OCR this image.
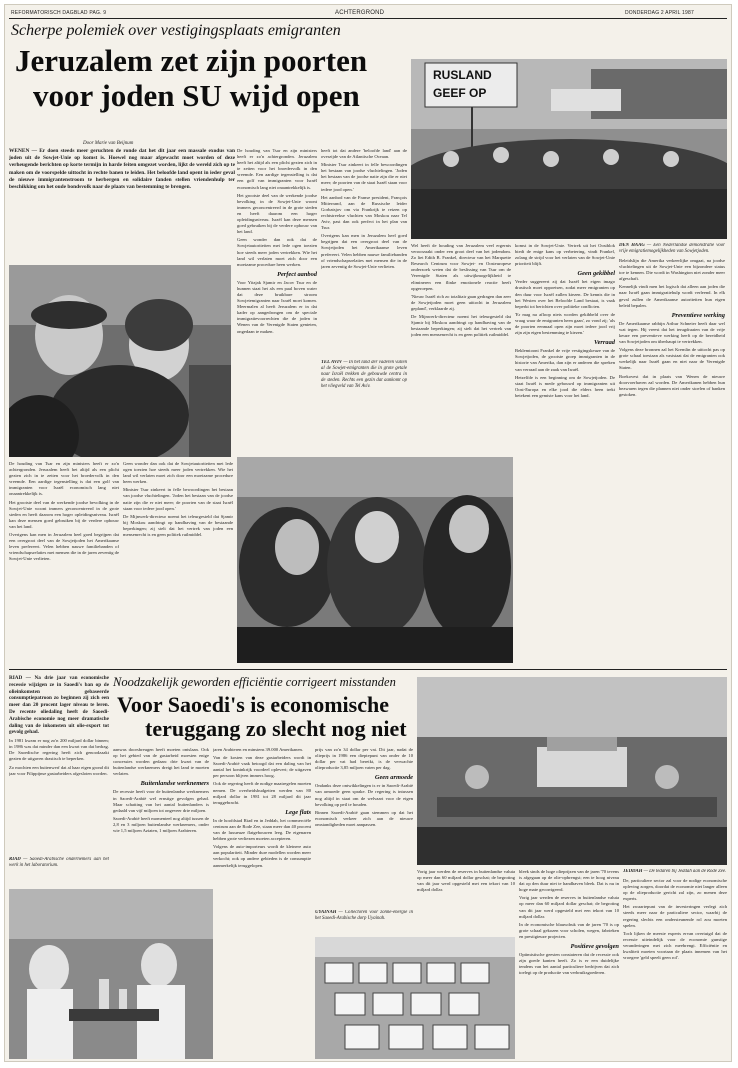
REFORMATORISCH DAGBLAD PAG. 9	ACHTERGROND	DONDERDAG 2 APRIL 1987
Scherpe polemiek over vestigingsplaats emigranten
Jeruzalem zet zijn poorten
voor joden SU wijd open
Door Marie van Beijnum

WENEN — Er doen steeds meer geruchten de ronde dat het dit jaar een massale exodus van joden uit de Sowjet-Unie op komst is. Hoewel nog maar afgewacht moet worden of deze verheugende berichten op korte termijn in harde feiten omgezet worden, lijkt de wereld zich op te maken om de voorspelde uittocht in rechte banen te leiden. Het beloofde land opent in ieder geval de nieuwe immigrantenstroom te herbergen en solidaire fanden stellen vriendenhulp ter beschikking om het oude bondsvolk naar de plaats van bestemming te brengen.

De houding van Tsar en zijn ministers heeft er zo'n achtergronden. Jeruzalem heeft het altijd als een plicht gezien zich in te zetten voor het broedervolk in den vreemde. Een aardige tegenstelling is dat een golf van immigranten voor Israël economisch lang niet onaantrekkelijk is.

Het grootste deel van de werkende joodse bevolking in de Sowjet-Unie woont immers geconcentreerd in de grote steden en heeft daarom een hoger opleidingsniveau. Israël kan deze mensen goed gebruiken bij de verdere opbouw van het land.

Geen wonder dan ook dat de Sowjetautoriteiten met lede ogen toezien hoe steeds meer joden vertrekken. Wie het land wil verlaten moet zich door een moeizame procedure heen werken.

Perfect aanbod

Voor Yitzjak Sjamir en Jacov Tsur en de hunnen staat het als een paal boven water dat deze bruikbare stroom Sowjetemigranten naar Israël moet komen. Meermalen al heeft Jeruzalem er in dat kader op aangedrongen om de speciale immigratievoorrechten die de joden in Wenen van de Verenigde Staten genieten, ongedaan te maken.

heeft tot dat andere 'beloofde land' aan de overzijde van de Atlantische Oceaan.

Minister Tsur zinkeert in felle bewoordingen het bestaan van joodse vluchtelingen. 'Joden het bestaan van de joodse natie zijn die er niet meer; de poorten van de staat Israël staan voor iedere jood open.'

Het aanbod van de Franse president, François Mitterrand, aan de Russische leider Gorbatsjov om via Frankrijk te reizen op rechtstreekse vluchten van Moskou naar Tel Aviv, past dan ook perfect in het plan van Tsur.

Overigens kan men in Jeruzalem heel goed begrijpen dat een overgroot deel van de Sowjetjoden het Amerikaanse leven prefereert. Velen hebben nauwe familiebanden of vriendschapsrelaties met mensen die in de jaren zeventig de Sowjet-Unie verlieten.

TEL AVIV — In het land der vaderen vullen al de Sowjet-emigranten die in grote getale naar Israël trekken de gebouwde centra in de steden. Rechts een gezin dat aankomt op het vliegveld van Tel Aviv.

RUSLAND
GEEF OP

Wel heeft de houding van Jeruzalem veel ergernis veroorzaakt onder een groot deel van het jodendom. Zo liet Edith B. Frankel, directeur van het Marquette Research Centrum voor Sowjet- en Oosteuropese onderzoek weten dat de beslissing van Tsur om de Verenigde Staten als uitwijkmogelijkheid te elimineren een flinke emotionele reactie heeft opgeroepen.

'Nieuw Israël rich zo totalitair gaan gedragen dan zeer de Sowjetjoden moet geen uittocht in Jeruzalem gepland', verklaarde zij.

De Mijnwerk-directeur noemt het teleurgesteld dat Sjamir bij Moskou aandringt op handhaving van de bestaande beperkingen; zij stelt dat het vertrek van joden een mensenrecht is en geen politiek ruilmiddel.

komst in de Sowjet-Unie. Vertrek uit het Oostblok biedt de enige kans op verbetering, vindt Frankel, zolang de strijd voor het verlaten van de Sowjet-Unie prioriteit blijft.

Geen gekibbel

Verder suggereert zij dat Israël het eigen imago drastisch moet oppoetsen, zodat meer emigranten op den duur voor Israël zullen kiezen. De kennis die in het Westen over het Beloofde Land bestaat, is vaak beperkt tot berichten over politieke conflicten.

'Er mag na afloop niets worden gekibbeld over de vraag waar de emigranten heen gaan', zo vond zij; 'als de poorten eenmaal open zijn moet iedere jood vrij zijn zijn eigen bestemming te kiezen.'

Verraad

Beklemtoont Frankel de vrije vestigingskeuze van de Sowjetjoden, de grootste groep immigranten in de historie van Amerika, dan zijn er anderen die spreken van verraad aan de zaak van Israël.

Hetzelfde is een beginning om de Sowjetjoden. De staat Israël is mede gebouwd op immigranten uit Oost-Europa en elke jood die elders heen trekt betekent een gemiste kans voor het land.

DEN HAAG — Een Nederlandse demonstratie voor vrije emigratiemogelijkheden van Sowjetjoden.

Beleidslijn die Amerika verkeerlijke omgaat, na joodse vluchtelingen uit de Sowjet-Unie een bijzondere status toe te kennen. Die wordt in Washington niet zonder meer afgeschaft.

Kennelijk vindt men het logisch dat alleen aan joden die naar Israël gaan immigratiehulp wordt verleend. In elk geval zullen de Amerikaanse autoriteiten hun eigen beleid bepalen.

Preventieve werking

De Amerikaanse rabbijn Arthur Schneier heeft daar wel wat tegen. Hij vreest dat het terugdraaien van de vrije keuze een preventieve werking heeft op de bereidheid van Sowjetjoden om überhaupt te vertrekken.

Volgens deze bronnen zal het Kremlin de uittocht pas op grote schaal toestaan als vaststaat dat de emigranten ook werkelijk naar Israël gaan en niet naar de Verenigde Staten.

Boekovest dat in plaats van Wenen de nieuwe doorvoerhaven zal worden. De Amerikanen hebben hun bezwaren tegen die plannen niet onder stoelen of banken gestoken.

De houding van Tsar en zijn ministers heeft er zo'n achtergronden. Jeruzalem heeft het altijd als een plicht gezien zich in te zetten voor het broedervolk in den vreemde. Een aardige tegenstelling is dat een golf van immigranten voor Israël economisch lang niet onaantrekkelijk is.

Het grootste deel van de werkende joodse bevolking in de Sowjet-Unie woont immers geconcentreerd in de grote steden en heeft daarom een hoger opleidingsniveau. Israël kan deze mensen goed gebruiken bij de verdere opbouw van het land.

Overigens kan men in Jeruzalem heel goed begrijpen dat een overgroot deel van de Sowjetjoden het Amerikaanse leven prefereert. Velen hebben nauwe familiebanden of vriendschapsrelaties met mensen die in de jaren zeventig de Sowjet-Unie verlieten.

Geen wonder dan ook dat de Sowjetautoriteiten met lede ogen toezien hoe steeds meer joden vertrekken. Wie het land wil verlaten moet zich door een moeizame procedure heen werken.

Minister Tsur zinkeert in felle bewoordingen het bestaan van joodse vluchtelingen. 'Joden het bestaan van de joodse natie zijn die er niet meer; de poorten van de staat Israël staan voor iedere jood open.'

De Mijnwerk-directeur noemt het teleurgesteld dat Sjamir bij Moskou aandringt op handhaving van de bestaande beperkingen; zij stelt dat het vertrek van joden een mensenrecht is en geen politiek ruilmiddel.

RIAD — Na drie jaar van economische recessie wijzigen ze in Saoedi's ban op de olieinkomsten gebaseerde consumptiepatroon zo beginnen zij zich een meer dan 20 procent lager niveau te leren. De recente oliedaling heeft de Saoedi-Arabische economie nog meer dramatische daling van de inkomsten uit olie-export tot gevolg gehad.

In 1981 kwam er nog zo'n 200 miljard dollar binnen; in 1986 was dat minder dan een kwart van dat bedrag. De Saoedische regering heeft zich genoodzaakt gezien de uitgaven drastisch te beperken.

Zo mochten een buitenwerf dat al haar eigen grond dit jaar voor Filippijnse gastarbeiders afgesloten worden.

RIAD — Saoedi-Arabische ondernemers aan het werk in het laboratorium.

Noodzakelijk geworden efficiëntie corrigeert misstanden
Voor Saoedi's is economische
teruggang zo slecht nog niet

aanwas doorsbreugen heeft moeten ontslaan. Ook op het gebied van de gastarbeid moesten enige concessies worden gedaan: drie kwart van de buitenlandse werknemers dreigt het land te moeten verlaten.

Buitenlandse werknemers

De recessie heeft voor de buitenlandse werknemers in Saoedi-Arabië wel ernstige gevolgen gehad. Maar schatting van het aantal buitenlanders is gedaald van vijf miljoen tot ongeveer drie miljoen.

Saoedi-Arabië heeft momenteel nog altijd tussen de 2,8 en 3 miljoen buitenlandse werknemers, onder wie 1,5 miljoen Aziaten, 1 miljoen Arabieren.

jaren Arabieren en minstens 39.000 Amerikanen.

Van de kosten van deze gastarbeiders wordt in Saoedi-Arabië vaak betoogd dat een daling van het aantal het koninkrijk voordeel oplevert; de uitgaven per persoon blijven immers hoog.

Ook de regering heeft de nodige maatregelen moeten nemen. De overheidsbudgetten werden van 80 miljard dollar in 1981 tot 28 miljard dit jaar teruggebracht.

Lege flats

In de hoofdstad Riad en in Jeddah, het commerciële centrum aan de Rode Zee, staan meer dan 40 procent van de luxueuze flatgebouwen leeg. De eigenaren hebben grote verliezen moeten accepteren.

Volgens de auto-importeurs wordt de kleinere auto aan populariteit. Minder dure modellen worden meer verkocht; ook op andere gebieden is de consumptie aanmerkelijk teruggelopen.

prijs van zo'n 34 dollar per vat. Dit jaar, nadat de olieprijs in 1986 een dieptepunt van onder de 10 dollar per vat had bereikt, is de verwachte olieproductie 3,85 miljoen vaten per dag.

Geen armoede

Ondanks deze ontwikkelingen is er in Saoedi-Arabië van armoede geen sprake. De regering is intussen nog altijd in staat om de welvaart voor de eigen bevolking op peil te houden.

Binnen Saoedi-Arabië gaan stemmen op dat het economisch verkeer zich aan de nieuwe omstandigheden moet aanpassen.

UYAINAH — Collectoren voor zonne-energie in het Saoedi-Arabische dorp Uyainah.

bleek sinds de hoge olieprijzen van de jaren '70 tevens is afgegaan op de olie-opbrengst; een te hoog niveau dat op den duur niet te handhaven bleek. Dat is nu in hoge mate gecorrigeerd.

Vorig jaar werden de reserves in buitenlandse valuta op meer dan 60 miljard dollar geschat; de begroting van dit jaar werd opgesteld met een tekort van 10 miljard dollar.

In de economische blauwdruk van de jaren '70 is op grote schaal gekozen voor scholen, wegen, fabrieken en prestigieuze projecten.

Positieve gevolgen

Optimistische geesten constateren dat de recessie ook zijn goede kanten heeft. Zo is er een duidelijke tendens van het aantal particuliere bedrijven dat zich toelegt op de productie van verbruiksgoederen.

Vorig jaar werden de reserves in buitenlandse valuta op meer dan 60 miljard dollar geschat; de begroting van dit jaar werd opgesteld met een tekort van 10 miljard dollar.

JEDDAH — De tedaren bij Jeddah aan de Rode Zee.

De, particuliere sector zal voor de nodige economische opleving zorgen, doordat de economie niet langer alleen op de olieproductie gericht zal zijn, zo menen deze experts.

Het zwaartepunt van de investeringen verlegt zich steeds meer naar de particuliere sector, waarbij de regering slechts een ondersteunende rol zou moeten spelen.

Toch lijken de meeste experts ervan overtuigd dat de recessie uiteindelijk voor de economie gunstige veranderingen met zich meebrengt. Efficiëntie en kwaliteit moeten voortaan de plaats innemen van het vroegere 'geld speelt geen rol'.
